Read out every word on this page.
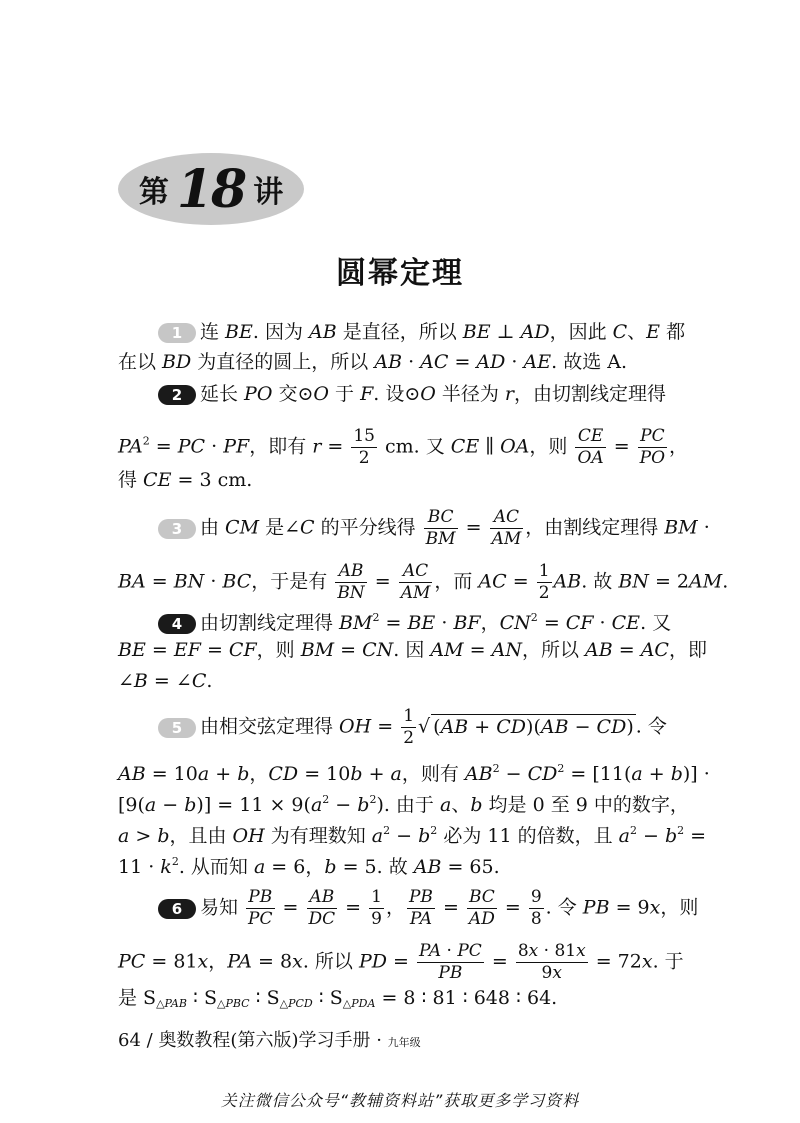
第 18 讲
圆幂定理
1 连 BE. 因为 AB 是直径，所以 BE ⊥ AD，因此 C、E 都
在以 BD 为直径的圆上，所以 AB · AC = AD · AE. 故选 A.
2 延长 PO 交⊙O 于 F. 设⊙O 半径为 r，由切割线定理得
$PA^2$ = PC · PF，即有 $r = \frac{15}{2}$ cm. 又 CE ∥ OA，则 $\frac{CE}{OA} = \frac{PC}{PO}$ ，
得 CE = 3 cm.
3 由 CM 是∠C 的平分线得 $\frac{BC}{BM} = \frac{AC}{AM}$ ，由割线定理得 BM ·
BA = BN · BC，于是有 $\frac{AB}{BN} = \frac{AC}{AM}$ ，而 AC = $\frac{1}{2}$ AB. 故 BN = 2AM.
4 由切割线定理得 $BM^2$ = BE · BF，$CN^2$ = CF · CE. 又
BE = EF = CF，则 BM = CN. 因 AM = AN，所以 AB = AC，即
∠B = ∠C.
5 由相交弦定理得 OH = $\frac{1}{2}$ √ (AB + CD)(AB − CD) . 令
AB = 10a + b，CD = 10b + a，则有 $AB^2 - CD^2 = [11(a + b)]$ ·
$[9(a - b)] = 11 \times 9(a^2 - b^2)$. 由于 a、b 均是 0 至 9 中的数字，
a > b，且由 OH 为有理数知 $a^2 - b^2$ 必为 11 的倍数，且 $a^2 - b^2$ =
$11 \cdot k^2$. 从而知 a = 6，b = 5. 故 AB = 65.
6 易知 $\frac{PB}{PC} = \frac{AB}{DC} = \frac{1}{9}$ ， $\frac{PB}{PA} = \frac{BC}{AD} = \frac{9}{8}$ . 令 PB = 9x，则
PC = 81x，PA = 8x. 所以 PD = $\frac{PA \cdot PC}{PB} = \frac{8x \cdot 81x}{9x} = 72x$. 于
是 $S_{\triangle PAB}$ ∶ $S_{\triangle PBC}$ ∶ $S_{\triangle PCD}$ ∶ $S_{\triangle PDA} = 8$ ∶ 81 ∶ 648 ∶ 64.
64 / 奥数教程(第六版)学习手册 · 九年级
关注微信公众号“教辅资料站”获取更多学习资料
